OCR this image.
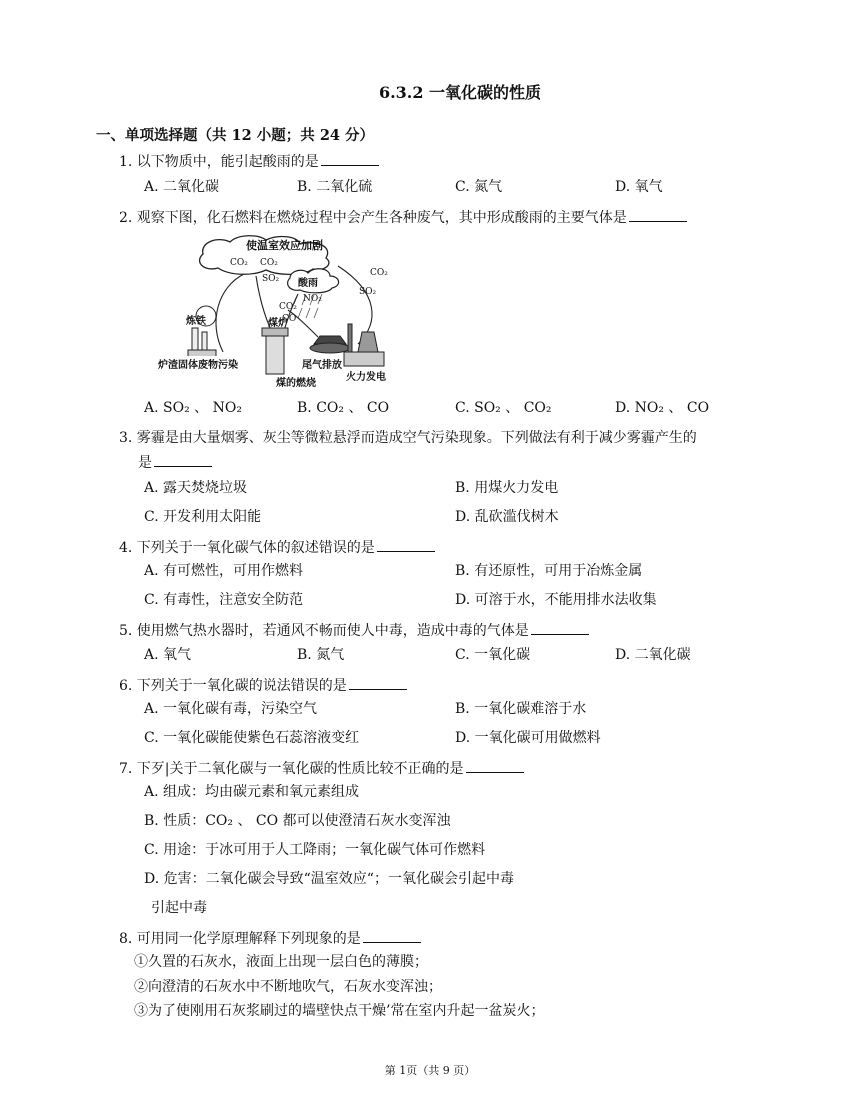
6.3.2 一氧化碳的性质
一、单项选择题（共 12 小题；共 24 分）
1. 以下物质中，能引起酸雨的是
A. 二氧化碳	B. 二氧化硫	C. 氮气	D. 氧气
2. 观察下图，化石燃料在燃烧过程中会产生各种废气，其中形成酸雨的主要气体是
使温室效应加剧
酸雨
CO₂
SO₂
CO₂
NO₂
CO₂
CO
SO₂
CO₂
炼铁	煤炉
炉渣固体废物污染	尾气排放
煤的燃烧
火力发电
A. SO₂ 、 NO₂	B. CO₂ 、 CO	C. SO₂ 、 CO₂	D. NO₂ 、 CO
3. 雾霾是由大量烟雾、灰尘等微粒悬浮而造成空气污染现象。下列做法有利于减少雾霾产生的
是
A. 露天焚烧垃圾	B. 用煤火力发电
C. 开发利用太阳能	D. 乱砍滥伐树木
4. 下列关于一氧化碳气体的叙述错误的是
A. 有可燃性，可用作燃料	B. 有还原性，可用于冶炼金属
C. 有毒性，注意安全防范	D. 可溶于水，不能用排水法收集
5. 使用燃气热水器时，若通风不畅而使人中毒，造成中毒的气体是
A. 氧气	B. 氮气	C. 一氧化碳	D. 二氧化碳
6. 下列关于一氧化碳的说法错误的是
A. 一氧化碳有毒，污染空气	B. 一氧化碳难溶于水
C. 一氧化碳能使紫色石蕊溶液变红	D. 一氧化碳可用做燃料
7. 下歹|关于二氧化碳与一氧化碳的性质比较不正确的是
A. 组成：均由碳元素和氧元素组成
B. 性质：CO₂ 、 CO 都可以使澄清石灰水变浑浊
C. 用途：于冰可用于人工降雨；一氧化碳气体可作燃料
D. 危害：二氧化碳会导致“温室效应“；一氧化碳会引起中毒
引起中毒
8. 可用同一化学原理解释下列现象的是
①久置的石灰水，液面上出现一层白色的薄膜；
②向澄清的石灰水中不断地吹气，石灰水变浑浊；
③为了使刚用石灰浆刷过的墙壁快点干燥’常在室内升起一盆炭火；
第 1页（共 9 页）
